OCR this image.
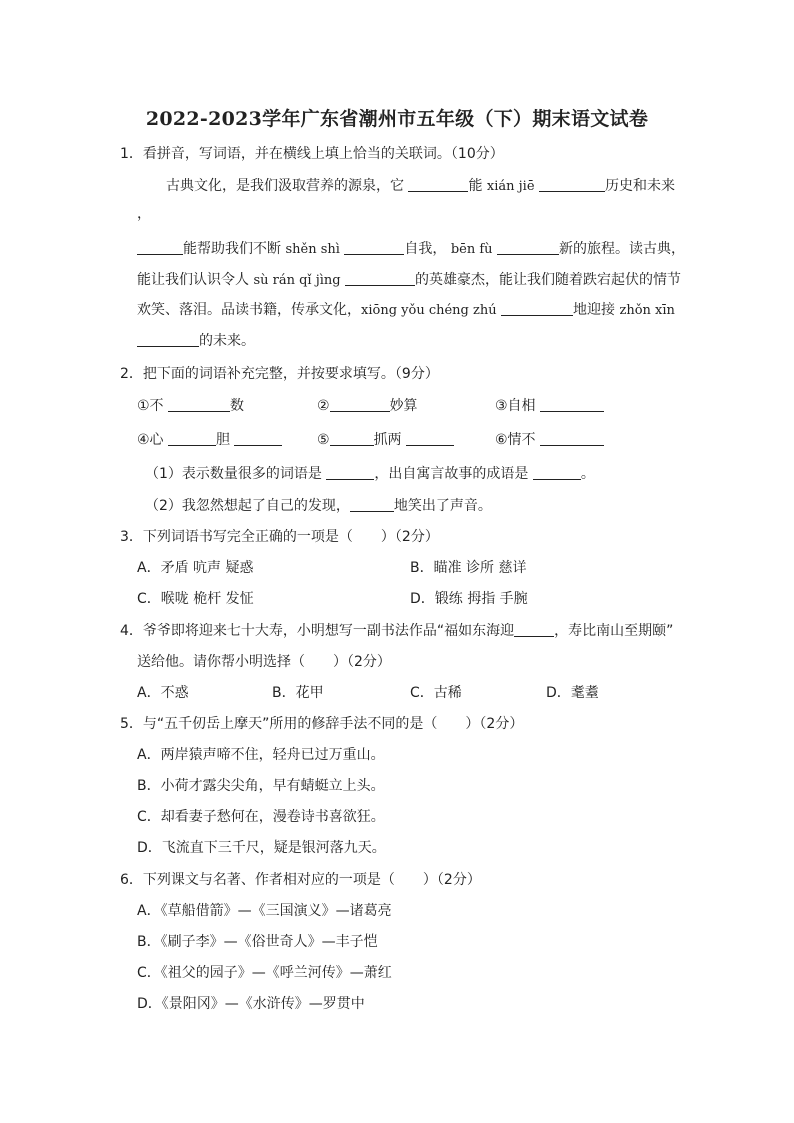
2022-2023学年广东省潮州市五年级（下）期末语文试卷
1．看拼音，写词语，并在横线上填上恰当的关联词。（10分）
古典文化，是我们汲取营养的源泉，它	能 xián jiē	历史和未来
，
能帮助我们不断 shěn shì	自我， bēn fù	新的旅程。读古典，
能让我们认识令人 sù rán qǐ jìng	的英雄豪杰，能让我们随着跌宕起伏的情节
欢笑、落泪。品读书籍，传承文化，xiōng yǒu chéng zhú	地迎接 zhǒn xīn
的未来。
2．把下面的词语补充完整，并按要求填写。（9分）
①不	数	②	妙算	③自相
④心	胆	⑤	抓两	⑥情不
（1）表示数量很多的词语是	，出自寓言故事的成语是	。
（2）我忽然想起了自己的发现，	地笑出了声音。
3．下列词语书写完全正确的一项是（　　）（2分）
A．矛盾 吭声 疑惑	B．瞄准 诊所 慈详
C．喉咙 桅杆 发怔	D．锻练 拇指 手腕
4．爷爷即将迎来七十大寿，小明想写一副书法作品“福如东海迎	，寿比南山至期颐”
送给他。请你帮小明选择（　　）（2分）
A．不惑	B．花甲	C．古稀	D．耄耋
5．与“五千仞岳上摩天”所用的修辞手法不同的是（　　）（2分）
A．两岸猿声啼不住，轻舟已过万重山。
B．小荷才露尖尖角，早有蜻蜓立上头。
C．却看妻子愁何在，漫卷诗书喜欲狂。
D．飞流直下三千尺，疑是银河落九天。
6．下列课文与名著、作者相对应的一项是（　　）（2分）
A．《草船借箭》—《三国演义》—诸葛亮
B．《刷子李》—《俗世奇人》—丰子恺
C．《祖父的园子》—《呼兰河传》—萧红
D．《景阳冈》—《水浒传》—罗贯中
